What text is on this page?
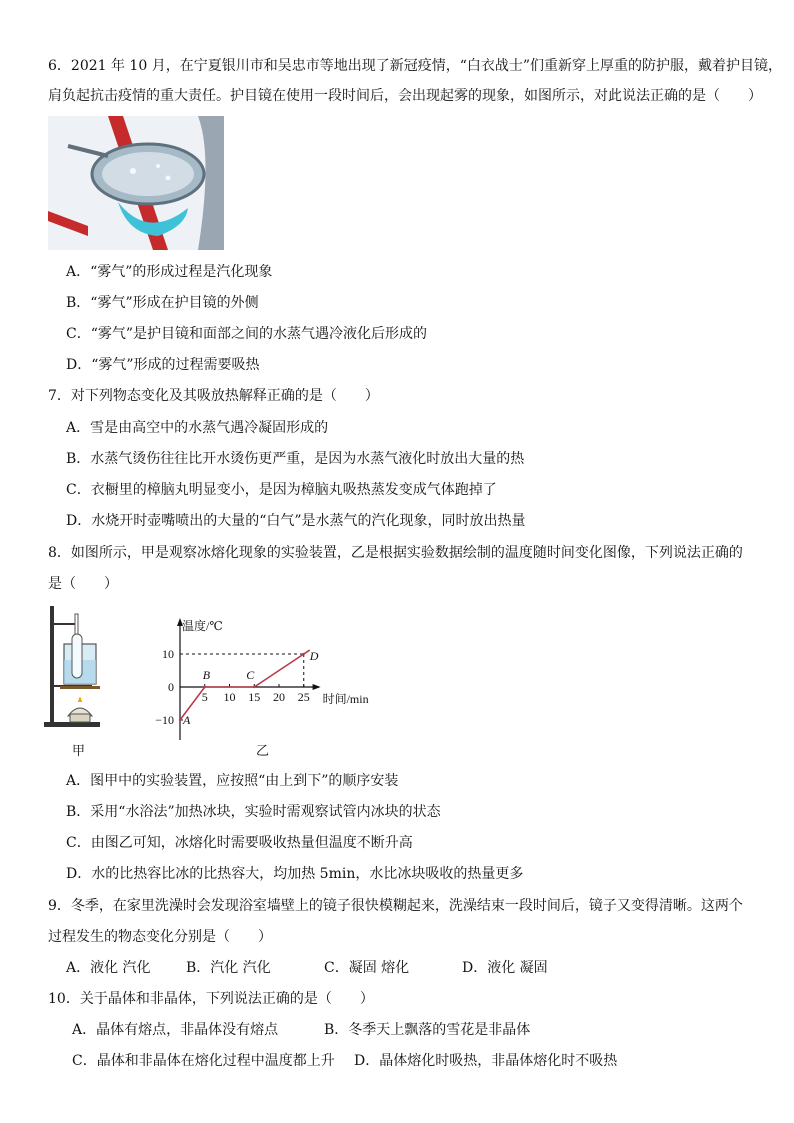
6．2021 年 10 月，在宁夏银川市和吴忠市等地出现了新冠疫情，“白衣战士”们重新穿上厚重的防护服，戴着护目镜，
肩负起抗击疫情的重大责任。护目镜在使用一段时间后，会出现起雾的现象，如图所示，对此说法正确的是（　　）
A．“雾气”的形成过程是汽化现象
B．“雾气”形成在护目镜的外侧
C．“雾气”是护目镜和面部之间的水蒸气遇冷液化后形成的
D．“雾气”形成的过程需要吸热
7．对下列物态变化及其吸放热解释正确的是（　　）
A．雪是由高空中的水蒸气遇冷凝固形成的
B．水蒸气烫伤往往比开水烫伤更严重，是因为水蒸气液化时放出大量的热
C．衣橱里的樟脑丸明显变小，是因为樟脑丸吸热蒸发变成气体跑掉了
D．水烧开时壶嘴喷出的大量的“白气”是水蒸气的汽化现象，同时放出热量
8．如图所示，甲是观察冰熔化现象的实验装置，乙是根据实验数据绘制的温度随时间变化图像，下列说法正确的
是（　　）
甲
温度/℃
时间/min
5 10 15 20 25
10
0
−10 A
B	C
D
乙
A．图甲中的实验装置，应按照“由上到下”的顺序安装
B．采用“水浴法”加热冰块，实验时需观察试管内冰块的状态
C．由图乙可知，冰熔化时需要吸收热量但温度不断升高
D．水的比热容比冰的比热容大，均加热 5min，水比冰块吸收的热量更多
9．冬季，在家里洗澡时会发现浴室墙壁上的镜子很快模糊起来，洗澡结束一段时间后，镜子又变得清晰。这两个
过程发生的物态变化分别是（　　）
A．液化 汽化	B．汽化 汽化	C．凝固 熔化	D．液化 凝固
10．关于晶体和非晶体，下列说法正确的是（　　）
A．晶体有熔点，非晶体没有熔点	B．冬季天上飘落的雪花是非晶体
C．晶体和非晶体在熔化过程中温度都上升 D．晶体熔化时吸热，非晶体熔化时不吸热
